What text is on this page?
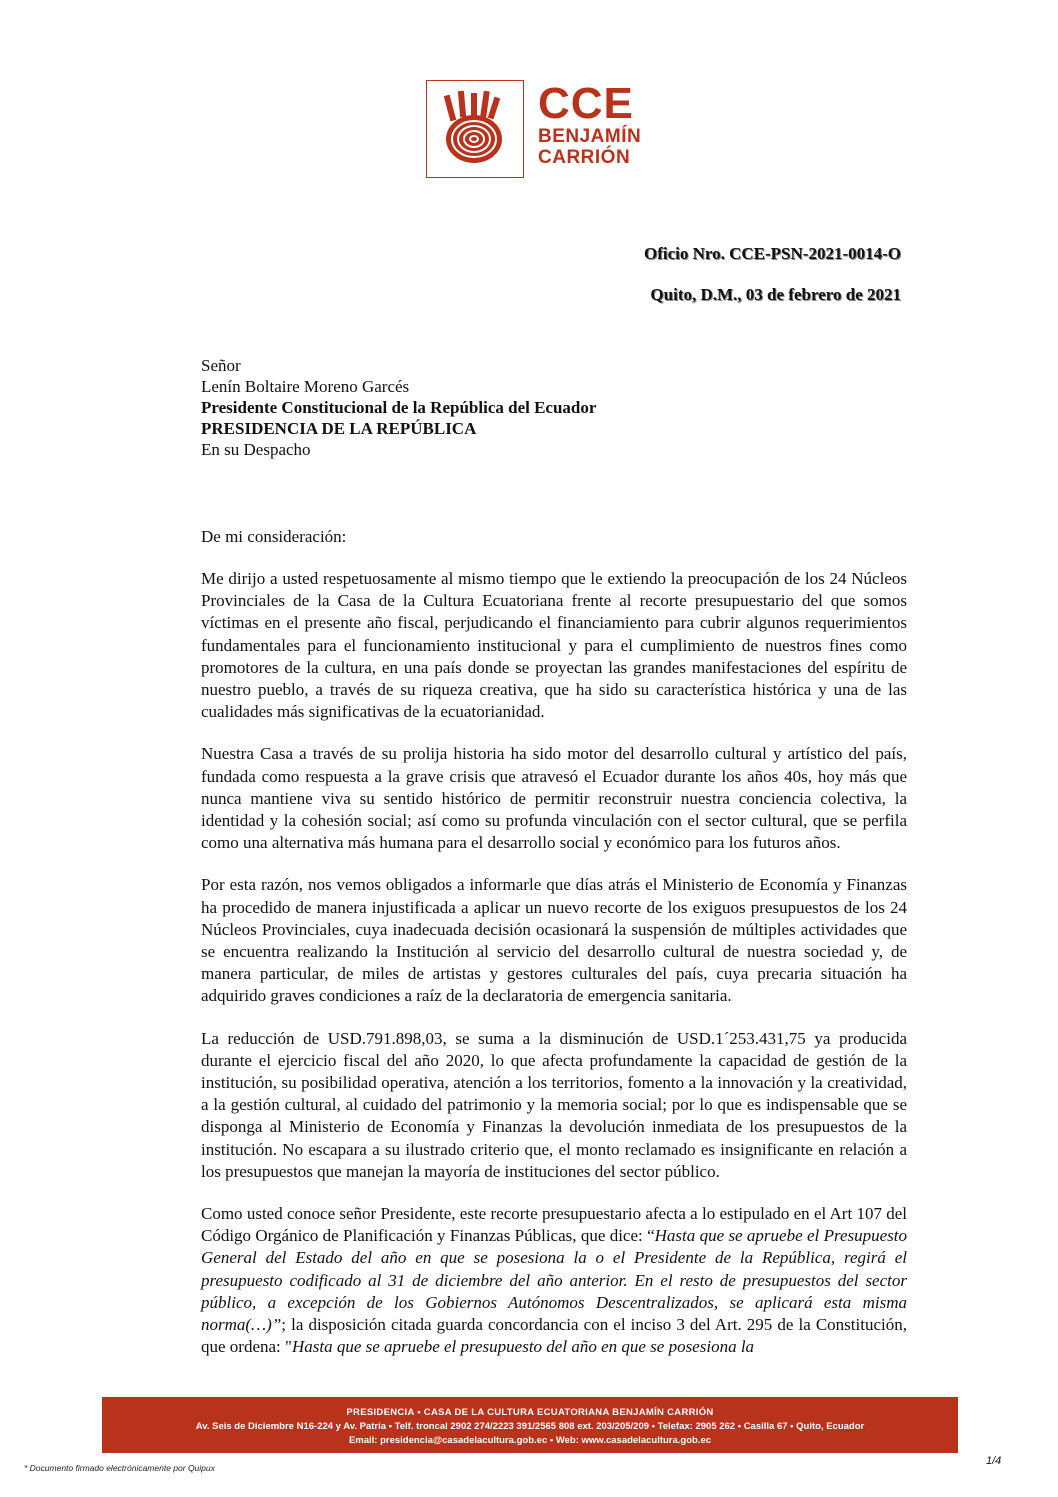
CCE
BENJAMÍN
CARRIÓN
Oficio Nro. CCE-PSN-2021-0014-O
Quito, D.M., 03 de febrero de 2021
Señor
Lenín Boltaire Moreno Garcés
Presidente Constitucional de la República del Ecuador
PRESIDENCIA DE LA REPÚBLICA
En su Despacho
De mi consideración:

Me dirijo a usted respetuosamente al mismo tiempo que le extiendo la preocupación de los 24 Núcleos Provinciales de la Casa de la Cultura Ecuatoriana frente al recorte presupuestario del que somos víctimas en el presente año fiscal, perjudicando el financiamiento para cubrir algunos requerimientos fundamentales para el funcionamiento institucional y para el cumplimiento de nuestros fines como promotores de la cultura, en una país donde se proyectan las grandes manifestaciones del espíritu de nuestro pueblo, a través de su riqueza creativa, que ha sido su característica histórica y una de las cualidades más significativas de la ecuatorianidad.

Nuestra Casa a través de su prolija historia ha sido motor del desarrollo cultural y artístico del país, fundada como respuesta a la grave crisis que atravesó el Ecuador durante los años 40s, hoy más que nunca mantiene viva su sentido histórico de permitir reconstruir nuestra conciencia colectiva, la identidad y la cohesión social; así como su profunda vinculación con el sector cultural, que se perfila como una alternativa más humana para el desarrollo social y económico para los futuros años.

Por esta razón, nos vemos obligados a informarle que días atrás el Ministerio de Economía y Finanzas ha procedido de manera injustificada a aplicar un nuevo recorte de los exiguos presupuestos de los 24 Núcleos Provinciales, cuya inadecuada decisión ocasionará la suspensión de múltiples actividades que se encuentra realizando la Institución al servicio del desarrollo cultural de nuestra sociedad y, de manera particular, de miles de artistas y gestores culturales del país, cuya precaria situación ha adquirido graves condiciones a raíz de la declaratoria de emergencia sanitaria.

La reducción de USD.791.898,03, se suma a la disminución de USD.1´253.431,75 ya producida durante el ejercicio fiscal del año 2020, lo que afecta profundamente la capacidad de gestión de la institución, su posibilidad operativa, atención a los territorios, fomento a la innovación y la creatividad, a la gestión cultural, al cuidado del patrimonio y la memoria social; por lo que es indispensable que se disponga al Ministerio de Economía y Finanzas la devolución inmediata de los presupuestos de la institución. No escapara a su ilustrado criterio que, el monto reclamado es insignificante en relación a los presupuestos que manejan la mayoría de instituciones del sector público.

Como usted conoce señor Presidente, este recorte presupuestario afecta a lo estipulado en el Art 107 del Código Orgánico de Planificación y Finanzas Públicas, que dice: “Hasta que se apruebe el Presupuesto General del Estado del año en que se posesiona la o el Presidente de la República, regirá el presupuesto codificado al 31 de diciembre del año anterior. En el resto de presupuestos del sector público, a excepción de los Gobiernos Autónomos Descentralizados, se aplicará esta misma norma(…)”; la disposición citada guarda concordancia con el inciso 3 del Art. 295 de la Constitución, que ordena: "Hasta que se apruebe el presupuesto del año en que se posesiona la

PRESIDENCIA • CASA DE LA CULTURA ECUATORIANA BENJAMÍN CARRIÓN
Av. Seis de Diciembre N16-224 y Av. Patria • Telf. troncal 2902 274/2223 391/2565 808 ext. 203/205/209 • Telefax: 2905 262 • Casilla 67 • Quito, Ecuador
Email: presidencia@casadelacultura.gob.ec • Web: www.casadelacultura.gob.ec
* Documento firmado electrónicamente por Quipux
1/4
